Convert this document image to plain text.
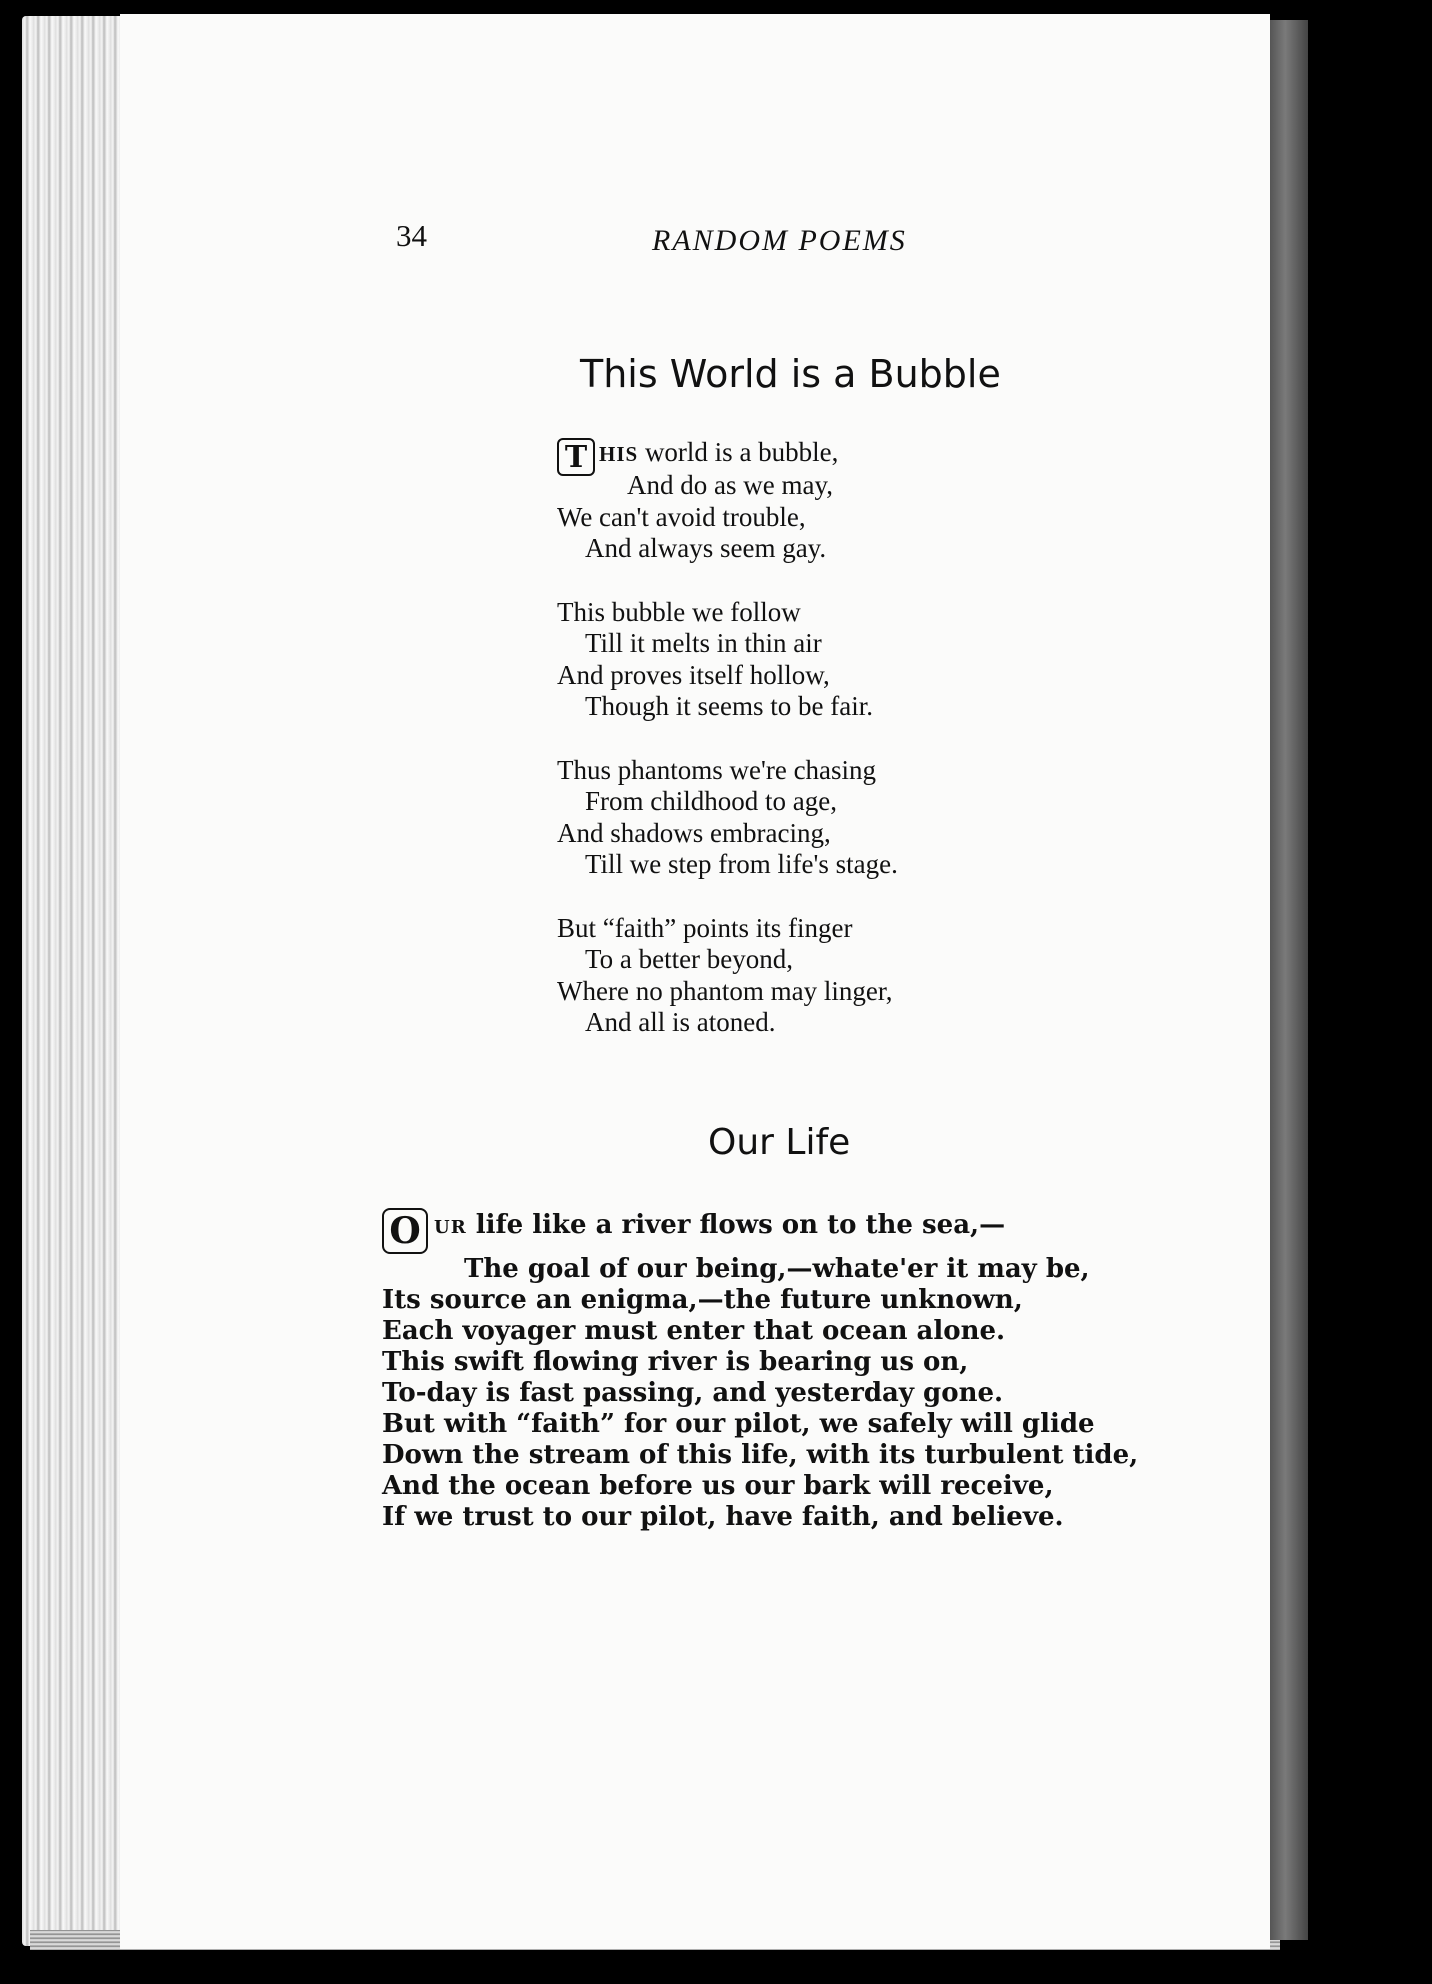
34	RANDOM POEMS
This World is a Bubble
T HIS world is a bubble,
And do as we may,
We can't avoid trouble,
And always seem gay.
This bubble we follow
Till it melts in thin air
And proves itself hollow,
Though it seems to be fair.
Thus phantoms we're chasing
From childhood to age,
And shadows embracing,
Till we step from life's stage.
But “faith” points its finger
To a better beyond,
Where no phantom may linger,
And all is atoned.
Our Life
O UR life like a river flows on to the sea,—
The goal of our being,—whate'er it may be,
Its source an enigma,—the future unknown,
Each voyager must enter that ocean alone.
This swift flowing river is bearing us on,
To-day is fast passing, and yesterday gone.
But with “faith” for our pilot, we safely will glide
Down the stream of this life, with its turbulent tide,
And the ocean before us our bark will receive,
If we trust to our pilot, have faith, and believe.
